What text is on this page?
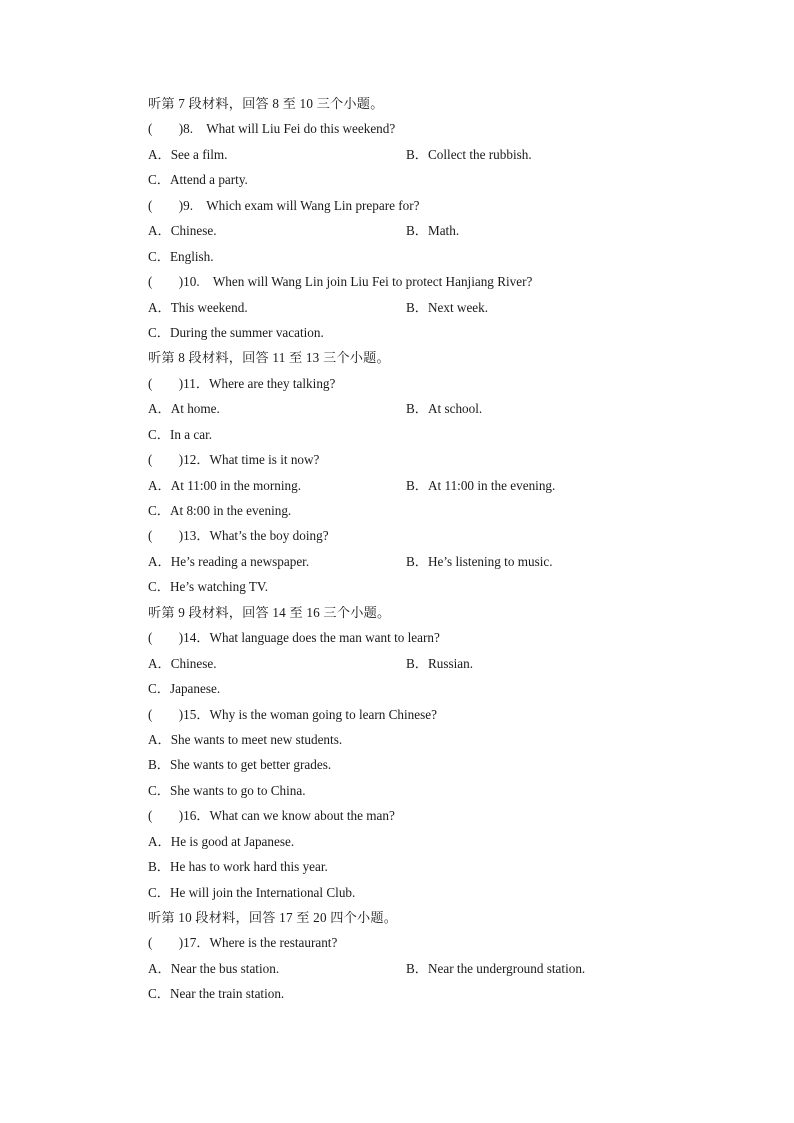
听第 7 段材料，回答 8 至 10 三个小题。
(　　)8.　What will Liu Fei do this weekend?
A．See a film.	B．Collect the rubbish.
C．Attend a party.
(　　)9.　Which exam will Wang Lin prepare for?
A．Chinese.	B．Math.
C．English.
(　　)10.　When will Wang Lin join Liu Fei to protect Hanjiang River?
A．This weekend.	B．Next week.
C．During the summer vacation.
听第 8 段材料，回答 11 至 13 三个小题。
(　　)11．Where are they talking?
A．At home.	B．At school.
C．In a car.
(　　)12．What time is it now?
A．At 11:00 in the morning.	B．At 11:00 in the evening.
C．At 8:00 in the evening.
(　　)13．What’s the boy doing?
A．He’s reading a newspaper.	B．He’s listening to music.
C．He’s watching TV.
听第 9 段材料，回答 14 至 16 三个小题。
(　　)14．What language does the man want to learn?
A．Chinese.	B．Russian.
C．Japanese.
(　　)15．Why is the woman going to learn Chinese?
A．She wants to meet new students.
B．She wants to get better grades.
C．She wants to go to China.
(　　)16．What can we know about the man?
A．He is good at Japanese.
B．He has to work hard this year.
C．He will join the International Club.
听第 10 段材料，回答 17 至 20 四个小题。
(　　)17．Where is the restaurant?
A．Near the bus station.	B．Near the underground station.
C．Near the train station.
